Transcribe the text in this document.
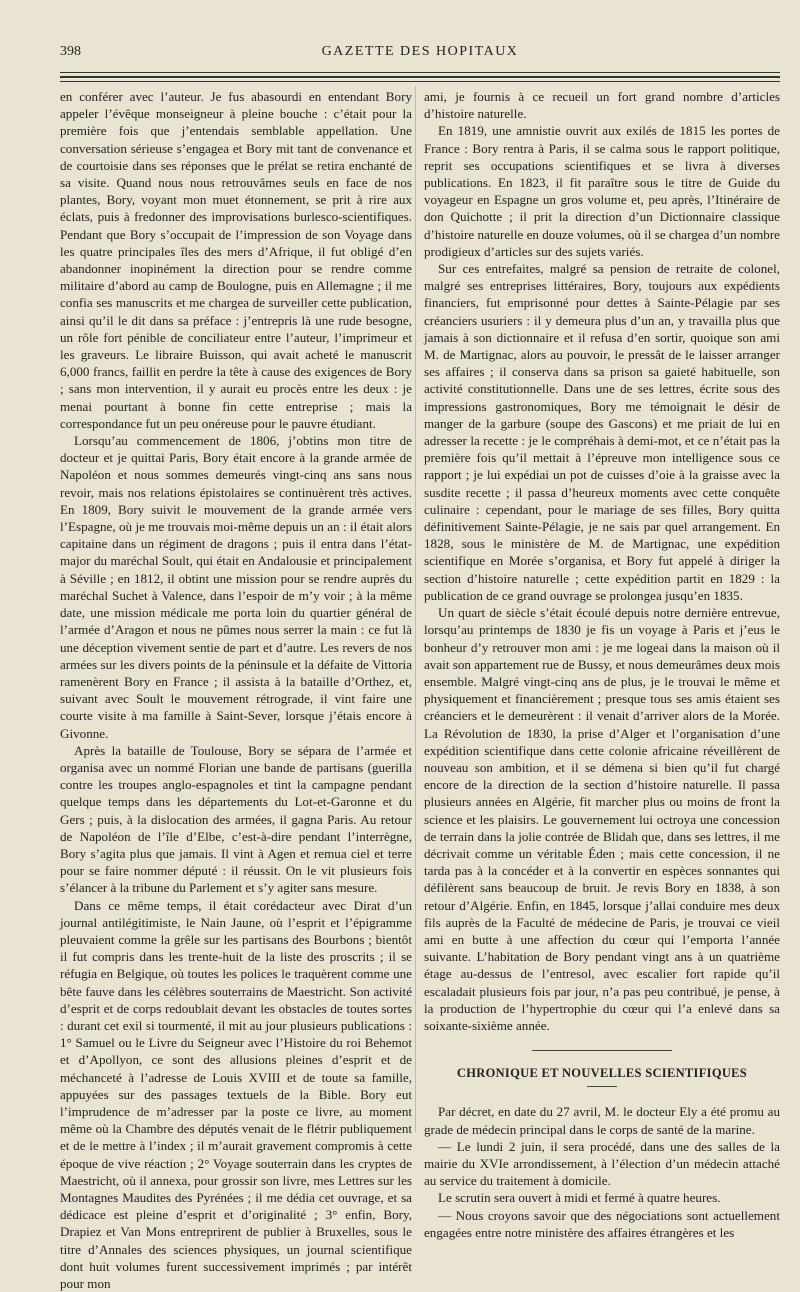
398	GAZETTE DES HOPITAUX

en conférer avec l’auteur. Je fus abasourdi en entendant Bory appeler l’évêque monseigneur à pleine bouche : c’était pour la première fois que j’entendais semblable appellation. Une conversation sérieuse s’engagea et Bory mit tant de convenance et de courtoisie dans ses réponses que le prélat se retira enchanté de sa visite. Quand nous nous retrouvâmes seuls en face de nos plantes, Bory, voyant mon muet étonnement, se prit à rire aux éclats, puis à fredonner des improvisations burlesco-scientifiques. Pendant que Bory s’occupait de l’impression de son Voyage dans les quatre principales îles des mers d’Afrique, il fut obligé d’en abandonner inopinément la direction pour se rendre comme militaire d’abord au camp de Boulogne, puis en Allemagne ; il me confia ses manuscrits et me chargea de surveiller cette publication, ainsi qu’il le dit dans sa préface : j’entrepris là une rude besogne, un rôle fort pénible de conciliateur entre l’auteur, l’imprimeur et les graveurs. Le libraire Buisson, qui avait acheté le manuscrit 6,000 francs, faillit en perdre la tête à cause des exigences de Bory ; sans mon intervention, il y aurait eu procès entre les deux : je menai pourtant à bonne fin cette entreprise ; mais la correspondance fut un peu onéreuse pour le pauvre étudiant.

Lorsqu’au commencement de 1806, j’obtins mon titre de docteur et je quittai Paris, Bory était encore à la grande armée de Napoléon et nous sommes demeurés vingt-cinq ans sans nous revoir, mais nos relations épistolaires se continuèrent très actives. En 1809, Bory suivit le mouvement de la grande armée vers l’Espagne, où je me trouvais moi-même depuis un an : il était alors capitaine dans un régiment de dragons ; puis il entra dans l’état-major du maréchal Soult, qui était en Andalousie et principalement à Séville ; en 1812, il obtint une mission pour se rendre auprès du maréchal Suchet à Valence, dans l’espoir de m’y voir ; à la même date, une mission médicale me porta loin du quartier général de l’armée d’Aragon et nous ne pûmes nous serrer la main : ce fut là une déception vivement sentie de part et d’autre. Les revers de nos armées sur les divers points de la péninsule et la défaite de Vittoria ramenèrent Bory en France ; il assista à la bataille d’Orthez, et, suivant avec Soult le mouvement rétrograde, il vint faire une courte visite à ma famille à Saint-Sever, lorsque j’étais encore à Givonne.

Après la bataille de Toulouse, Bory se sépara de l’armée et organisa avec un nommé Florian une bande de partisans (guerilla contre les troupes anglo-espagnoles et tint la campagne pendant quelque temps dans les départements du Lot-et-Garonne et du Gers ; puis, à la dislocation des armées, il gagna Paris. Au retour de Napoléon de l’île d’Elbe, c’est-à-dire pendant l’interrègne, Bory s’agita plus que jamais. Il vint à Agen et remua ciel et terre pour se faire nommer député : il réussit. On le vit plusieurs fois s’élancer à la tribune du Parlement et s’y agiter sans mesure.

Dans ce même temps, il était corédacteur avec Dirat d’un journal antilégitimiste, le Nain Jaune, où l’esprit et l’épigramme pleuvaient comme la grêle sur les partisans des Bourbons ; bientôt il fut compris dans les trente-huit de la liste des proscrits ; il se réfugia en Belgique, où toutes les polices le traquèrent comme une bête fauve dans les célèbres souterrains de Maestricht. Son activité d’esprit et de corps redoublait devant les obstacles de toutes sortes : durant cet exil si tourmenté, il mit au jour plusieurs publications : 1° Samuel ou le Livre du Seigneur avec l’Histoire du roi Behemot et d’Apollyon, ce sont des allusions pleines d’esprit et de méchanceté à l’adresse de Louis XVIII et de toute sa famille, appuyées sur des passages textuels de la Bible. Bory eut l’imprudence de m’adresser par la poste ce livre, au moment même où la Chambre des députés venait de le flétrir publiquement et de le mettre à l’index ; il m’aurait gravement compromis à cette époque de vive réaction ; 2° Voyage souterrain dans les cryptes de Maestricht, où il annexa, pour grossir son livre, mes Lettres sur les Montagnes Maudites des Pyrénées ; il me dédia cet ouvrage, et sa dédicace est pleine d’esprit et d’originalité ; 3° enfin, Bory, Drapiez et Van Mons entreprirent de publier à Bruxelles, sous le titre d’Annales des sciences physiques, un journal scientifique dont huit volumes furent successivement imprimés ; par intérêt pour mon

ami, je fournis à ce recueil un fort grand nombre d’articles d’histoire naturelle.

En 1819, une amnistie ouvrit aux exilés de 1815 les portes de France : Bory rentra à Paris, il se calma sous le rapport politique, reprit ses occupations scientifiques et se livra à diverses publications. En 1823, il fit paraître sous le titre de Guide du voyageur en Espagne un gros volume et, peu après, l’Itinéraire de don Quichotte ; il prit la direction d’un Dictionnaire classique d’histoire naturelle en douze volumes, où il se chargea d’un nombre prodigieux d’articles sur des sujets variés.

Sur ces entrefaites, malgré sa pension de retraite de colonel, malgré ses entreprises littéraires, Bory, toujours aux expédients financiers, fut emprisonné pour dettes à Sainte-Pélagie par ses créanciers usuriers : il y demeura plus d’un an, y travailla plus que jamais à son dictionnaire et il refusa d’en sortir, quoique son ami M. de Martignac, alors au pouvoir, le pressât de le laisser arranger ses affaires ; il conserva dans sa prison sa gaieté habituelle, son activité constitutionnelle. Dans une de ses lettres, écrite sous des impressions gastronomiques, Bory me témoignait le désir de manger de la garbure (soupe des Gascons) et me priait de lui en adresser la recette : je le compréhais à demi-mot, et ce n’était pas la première fois qu’il mettait à l’épreuve mon intelligence sous ce rapport ; je lui expédiai un pot de cuisses d’oie à la graisse avec la susdite recette ; il passa d’heureux moments avec cette conquête culinaire : cependant, pour le mariage de ses filles, Bory quitta définitivement Sainte-Pélagie, je ne sais par quel arrangement. En 1828, sous le ministère de M. de Martignac, une expédition scientifique en Morée s’organisa, et Bory fut appelé à diriger la section d’histoire naturelle ; cette expédition partit en 1829 : la publication de ce grand ouvrage se prolongea jusqu’en 1835.

Un quart de siècle s’était écoulé depuis notre dernière entrevue, lorsqu’au printemps de 1830 je fis un voyage à Paris et j’eus le bonheur d’y retrouver mon ami : je me logeai dans la maison où il avait son appartement rue de Bussy, et nous demeurâmes deux mois ensemble. Malgré vingt-cinq ans de plus, je le trouvai le même et physiquement et financièrement ; presque tous ses amis étaient ses créanciers et le demeurèrent : il venait d’arriver alors de la Morée. La Révolution de 1830, la prise d’Alger et l’organisation d’une expédition scientifique dans cette colonie africaine réveillèrent de nouveau son ambition, et il se démena si bien qu’il fut chargé encore de la direction de la section d’histoire naturelle. Il passa plusieurs années en Algérie, fit marcher plus ou moins de front la science et les plaisirs. Le gouvernement lui octroya une concession de terrain dans la jolie contrée de Blidah que, dans ses lettres, il me décrivait comme un véritable Éden ; mais cette concession, il ne tarda pas à la concéder et à la convertir en espèces sonnantes qui défilèrent sans beaucoup de bruit. Je revis Bory en 1838, à son retour d’Algérie. Enfin, en 1845, lorsque j’allai conduire mes deux fils auprès de la Faculté de médecine de Paris, je trouvai ce vieil ami en butte à une affection du cœur qui l’emporta l’année suivante. L’habitation de Bory pendant vingt ans à un quatrième étage au-dessus de l’entresol, avec escalier fort rapide qu’il escaladait plusieurs fois par jour, n’a pas peu contribué, je pense, à la production de l’hypertrophie du cœur qui l’a enlevé dans sa soixante-sixième année.

CHRONIQUE ET NOUVELLES SCIENTIFIQUES

Par décret, en date du 27 avril, M. le docteur Ely a été promu au grade de médecin principal dans le corps de santé de la marine.

— Le lundi 2 juin, il sera procédé, dans une des salles de la mairie du XVIe arrondissement, à l’élection d’un médecin attaché au service du traitement à domicile.

Le scrutin sera ouvert à midi et fermé à quatre heures.

— Nous croyons savoir que des négociations sont actuellement engagées entre notre ministère des affaires étrangères et les
